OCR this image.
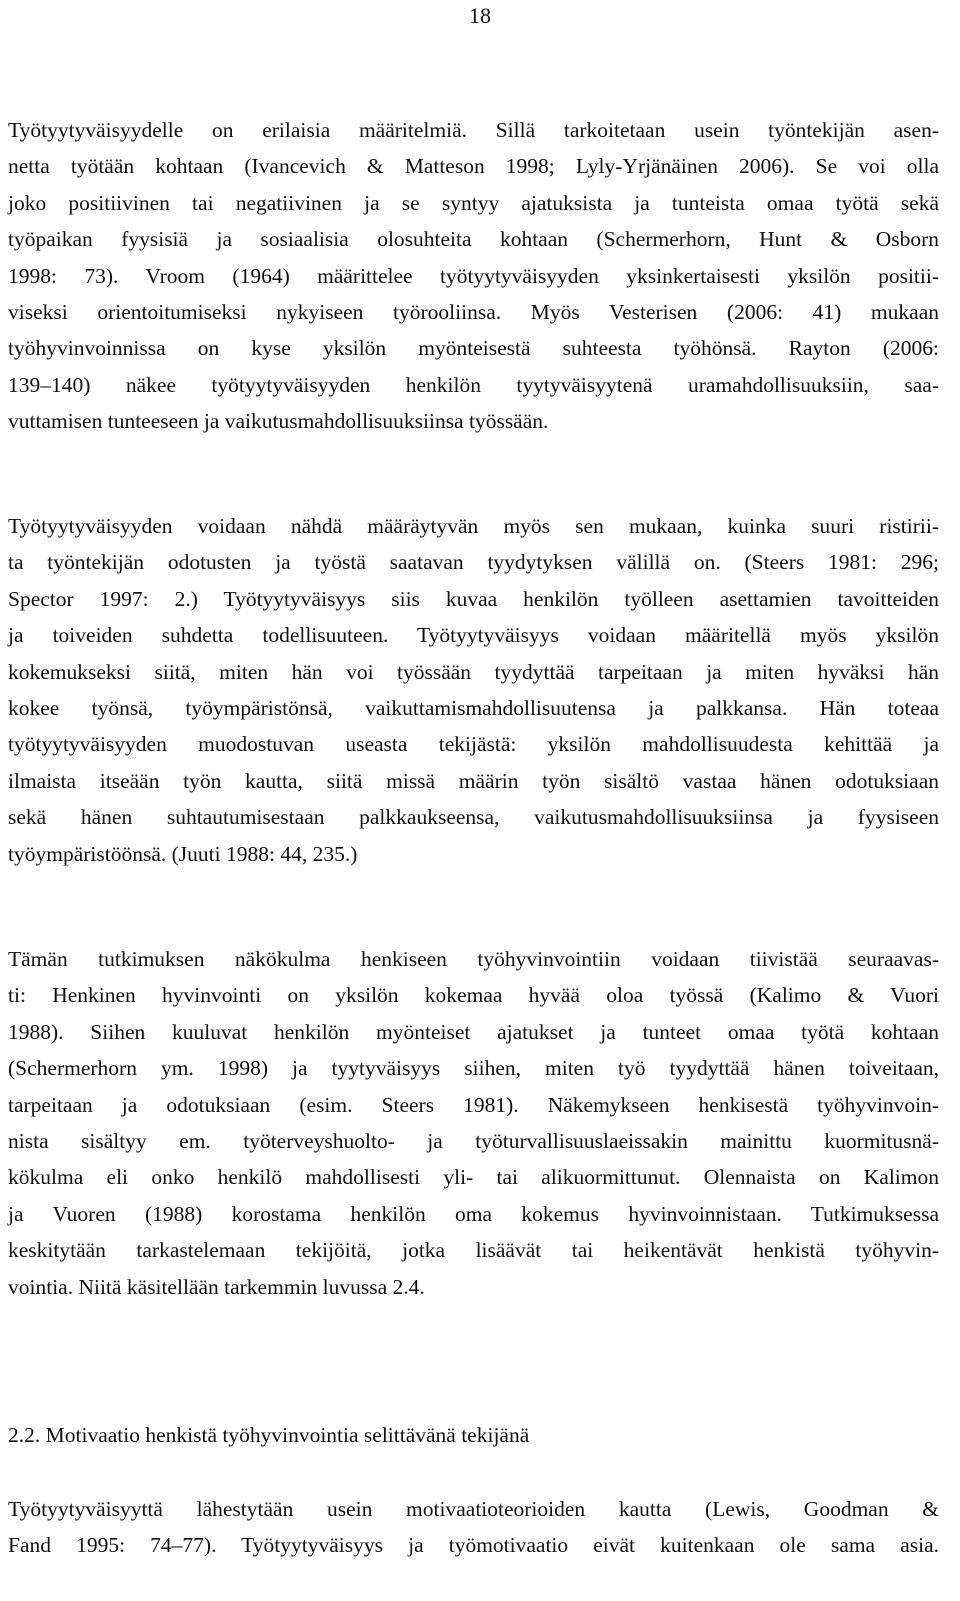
18
Työtyytyväisyydelle on erilaisia määritelmiä. Sillä tarkoitetaan usein työntekijän asen-
netta työtään kohtaan (Ivancevich & Matteson 1998; Lyly-Yrjänäinen 2006). Se voi olla
joko positiivinen tai negatiivinen ja se syntyy ajatuksista ja tunteista omaa työtä sekä
työpaikan fyysisiä ja sosiaalisia olosuhteita kohtaan (Schermerhorn, Hunt & Osborn
1998: 73). Vroom (1964) määrittelee työtyytyväisyyden yksinkertaisesti yksilön positii-
viseksi orientoitumiseksi nykyiseen työrooliinsa. Myös Vesterisen (2006: 41) mukaan
työhyvinvoinnissa on kyse yksilön myönteisestä suhteesta työhönsä. Rayton (2006:
139–140) näkee työtyytyväisyyden henkilön tyytyväisyytenä uramahdollisuuksiin, saa-
vuttamisen tunteeseen ja vaikutusmahdollisuuksiinsa työssään.
Työtyytyväisyyden voidaan nähdä määräytyvän myös sen mukaan, kuinka suuri ristirii-
ta työntekijän odotusten ja työstä saatavan tyydytyksen välillä on. (Steers 1981: 296;
Spector 1997: 2.) Työtyytyväisyys siis kuvaa henkilön työlleen asettamien tavoitteiden
ja toiveiden suhdetta todellisuuteen. Työtyytyväisyys voidaan määritellä myös yksilön
kokemukseksi siitä, miten hän voi työssään tyydyttää tarpeitaan ja miten hyväksi hän
kokee työnsä, työympäristönsä, vaikuttamismahdollisuutensa ja palkkansa. Hän toteaa
työtyytyväisyyden muodostuvan useasta tekijästä: yksilön mahdollisuudesta kehittää ja
ilmaista itseään työn kautta, siitä missä määrin työn sisältö vastaa hänen odotuksiaan
sekä hänen suhtautumisestaan palkkaukseensa, vaikutusmahdollisuuksiinsa ja fyysiseen
työympäristöönsä. (Juuti 1988: 44, 235.)
Tämän tutkimuksen näkökulma henkiseen työhyvinvointiin voidaan tiivistää seuraavas-
ti: Henkinen hyvinvointi on yksilön kokemaa hyvää oloa työssä (Kalimo & Vuori
1988). Siihen kuuluvat henkilön myönteiset ajatukset ja tunteet omaa työtä kohtaan
(Schermerhorn ym. 1998) ja tyytyväisyys siihen, miten työ tyydyttää hänen toiveitaan,
tarpeitaan ja odotuksiaan (esim. Steers 1981). Näkemykseen henkisestä työhyvinvoin-
nista sisältyy em. työterveyshuolto- ja työturvallisuuslaeissakin mainittu kuormitusnä-
kökulma eli onko henkilö mahdollisesti yli- tai alikuormittunut. Olennaista on Kalimon
ja Vuoren (1988) korostama henkilön oma kokemus hyvinvoinnistaan. Tutkimuksessa
keskitytään tarkastelemaan tekijöitä, jotka lisäävät tai heikentävät henkistä työhyvin-
vointia. Niitä käsitellään tarkemmin luvussa 2.4.
2.2. Motivaatio henkistä työhyvinvointia selittävänä tekijänä
Työtyytyväisyyttä lähestytään usein motivaatioteorioiden kautta (Lewis, Goodman &
Fand 1995: 74–77). Työtyytyväisyys ja työmotivaatio eivät kuitenkaan ole sama asia.
